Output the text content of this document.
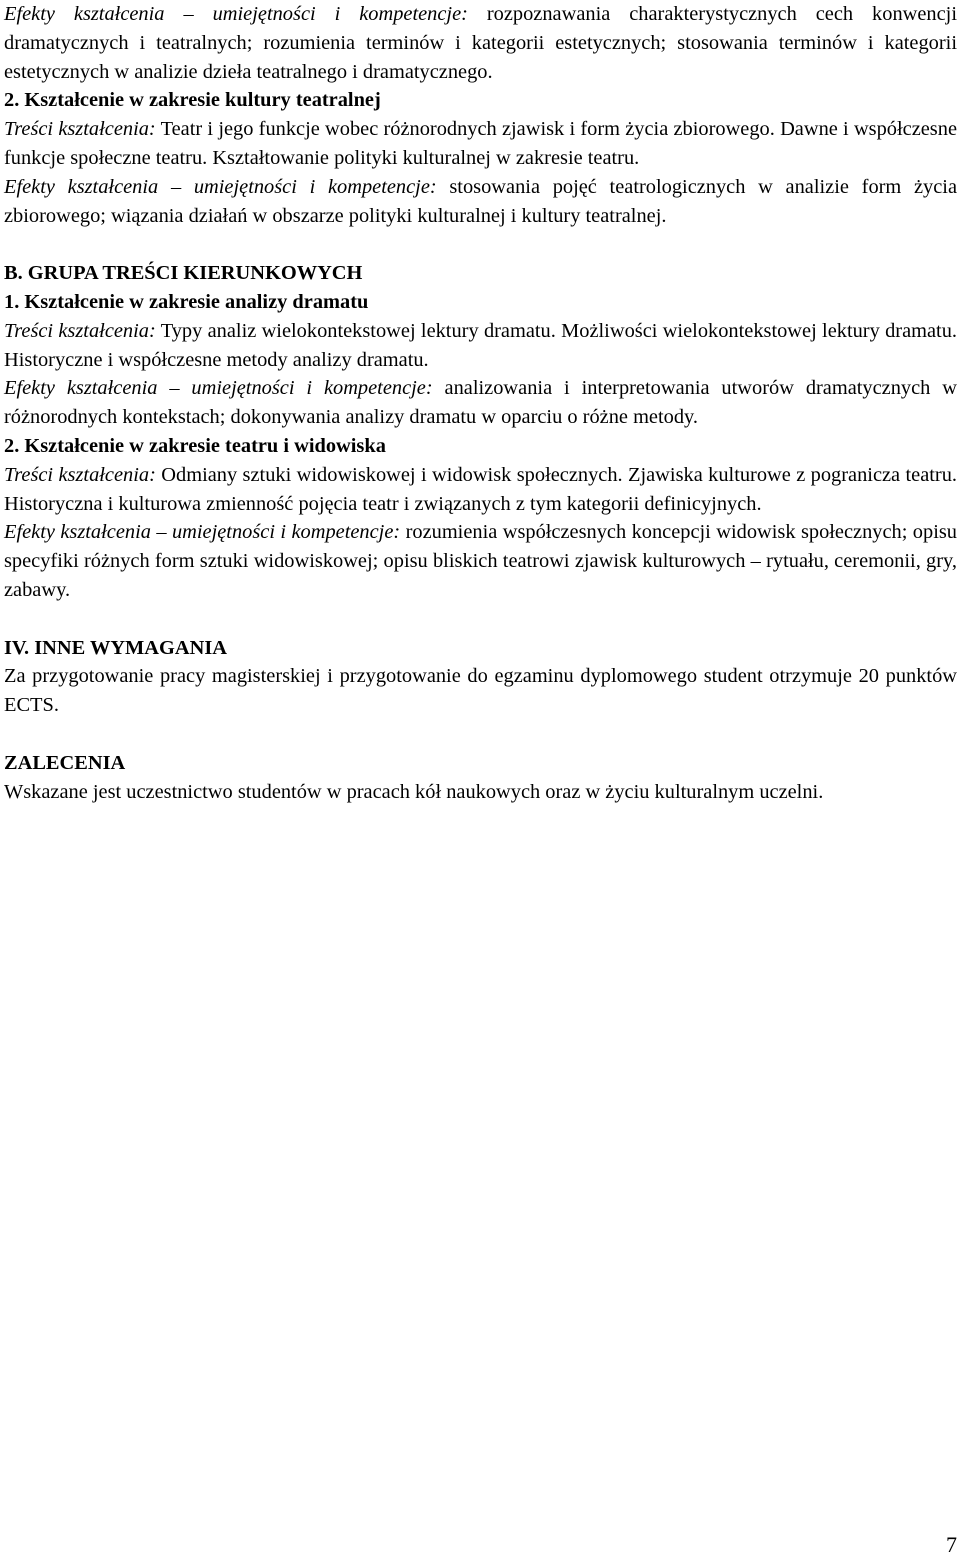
Efekty kształcenia – umiejętności i kompetencje: rozpoznawania charakterystycznych cech konwencji dramatycznych i teatralnych; rozumienia terminów i kategorii estetycznych; stosowania terminów i kategorii estetycznych w analizie dzieła teatralnego i dramatycznego.

2. Kształcenie w zakresie kultury teatralnej

Treści kształcenia: Teatr i jego funkcje wobec różnorodnych zjawisk i form życia zbiorowego. Dawne i współczesne funkcje społeczne teatru. Kształtowanie polityki kulturalnej w zakresie teatru.

Efekty kształcenia – umiejętności i kompetencje: stosowania pojęć teatrologicznych w analizie form życia zbiorowego; wiązania działań w obszarze polityki kulturalnej i kultury teatralnej.

B. GRUPA TREŚCI KIERUNKOWYCH
1. Kształcenie w zakresie analizy dramatu

Treści kształcenia: Typy analiz wielokontekstowej lektury dramatu. Możliwości wielokontekstowej lektury dramatu. Historyczne i współczesne metody analizy dramatu.

Efekty kształcenia – umiejętności i kompetencje: analizowania i interpretowania utworów dramatycznych w różnorodnych kontekstach; dokonywania analizy dramatu w oparciu o różne metody.

2. Kształcenie w zakresie teatru i widowiska

Treści kształcenia: Odmiany sztuki widowiskowej i widowisk społecznych. Zjawiska kulturowe z pogranicza teatru. Historyczna i kulturowa zmienność pojęcia teatr i związanych z tym kategorii definicyjnych.

Efekty kształcenia – umiejętności i kompetencje: rozumienia współczesnych koncepcji widowisk społecznych; opisu specyfiki różnych form sztuki widowiskowej; opisu bliskich teatrowi zjawisk kulturowych – rytuału, ceremonii, gry, zabawy.

IV. INNE WYMAGANIA

Za przygotowanie pracy magisterskiej i przygotowanie do egzaminu dyplomowego student otrzymuje 20 punktów ECTS.

ZALECENIA

Wskazane jest uczestnictwo studentów w pracach kół naukowych oraz w życiu kulturalnym uczelni.

7
